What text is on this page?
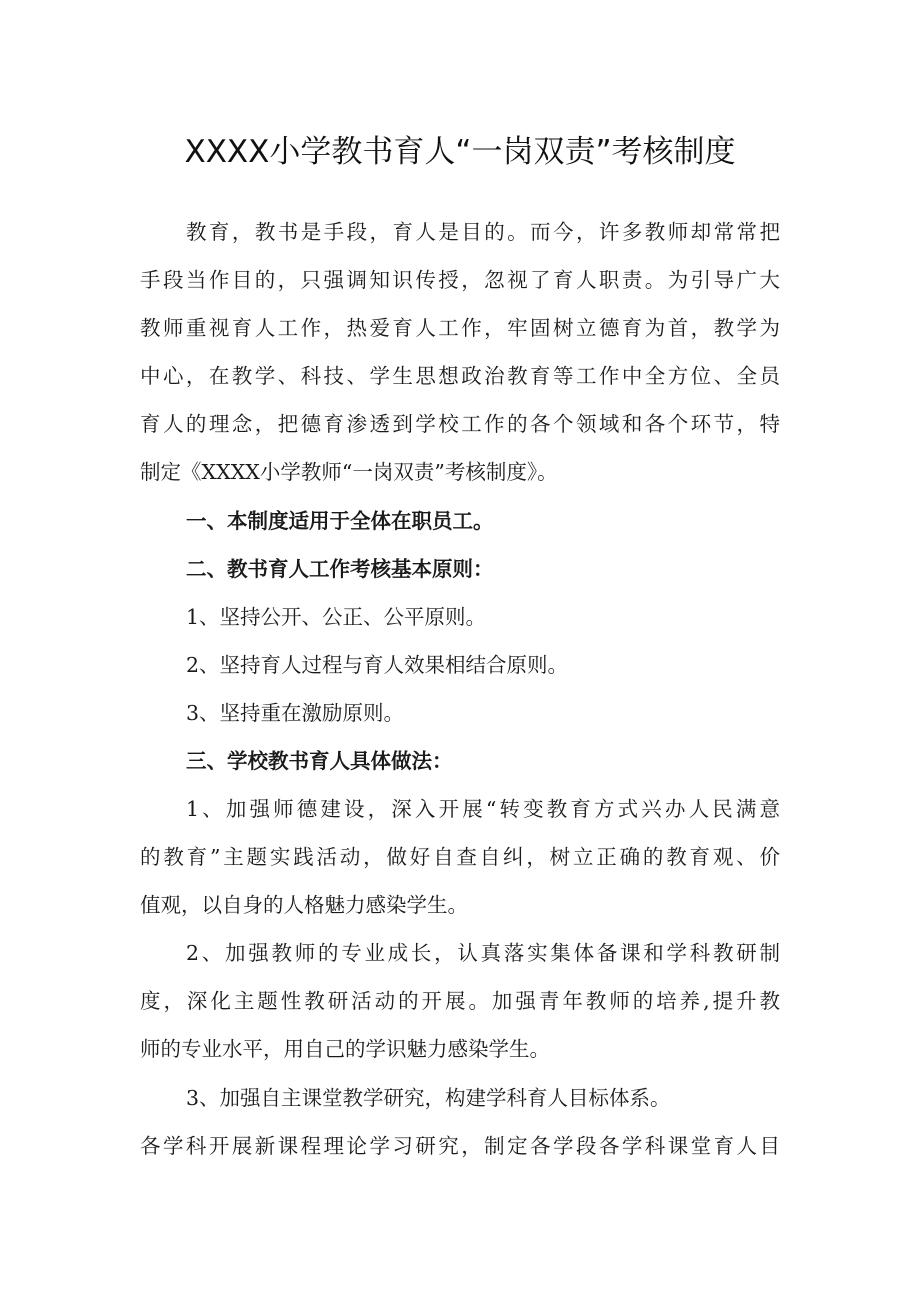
XXXX小学教书育人“一岗双责”考核制度
教育，教书是手段，育人是目的。而今，许多教师却常常把
手段当作目的，只强调知识传授，忽视了育人职责。为引导广大
教师重视育人工作，热爱育人工作，牢固树立德育为首，教学为
中心，在教学、科技、学生思想政治教育等工作中全方位、全员
育人的理念，把德育渗透到学校工作的各个领域和各个环节，特
制定《XXXX小学教师“一岗双责”考核制度》。
一、本制度适用于全体在职员工。
二、教书育人工作考核基本原则：
1、坚持公开、公正、公平原则。
2、坚持育人过程与育人效果相结合原则。
3、坚持重在激励原则。
三、学校教书育人具体做法：
1、加强师德建设，深入开展“转变教育方式兴办人民满意
的教育”主题实践活动，做好自查自纠，树立正确的教育观、价
值观，以自身的人格魅力感染学生。
2、加强教师的专业成长，认真落实集体备课和学科教研制
度，深化主题性教研活动的开展。加强青年教师的培养,提升教
师的专业水平，用自己的学识魅力感染学生。
3、加强自主课堂教学研究，构建学科育人目标体系。
各学科开展新课程理论学习研究，制定各学段各学科课堂育人目
